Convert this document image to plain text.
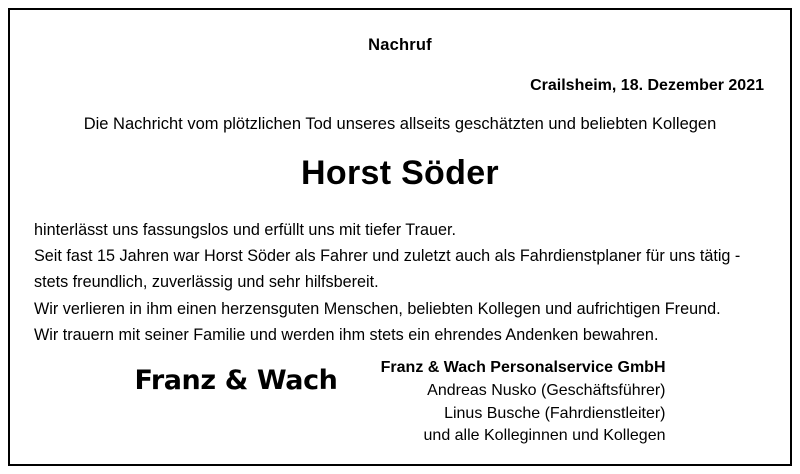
Nachruf
Crailsheim, 18. Dezember 2021
Die Nachricht vom plötzlichen Tod unseres allseits geschätzten und beliebten Kollegen
Horst Söder
hinterlässt uns fassungslos und erfüllt uns mit tiefer Trauer.
Seit fast 15 Jahren war Horst Söder als Fahrer und zuletzt auch als Fahrdienstplaner für uns tätig -
stets freundlich, zuverlässig und sehr hilfsbereit.
Wir verlieren in ihm einen herzensguten Menschen, beliebten Kollegen und aufrichtigen Freund.
Wir trauern mit seiner Familie und werden ihm stets ein ehrendes Andenken bewahren.
Franz & Wach	Franz & Wach Personalservice GmbH
Andreas Nusko (Geschäftsführer)
Linus Busche (Fahrdienstleiter)
und alle Kolleginnen und Kollegen
